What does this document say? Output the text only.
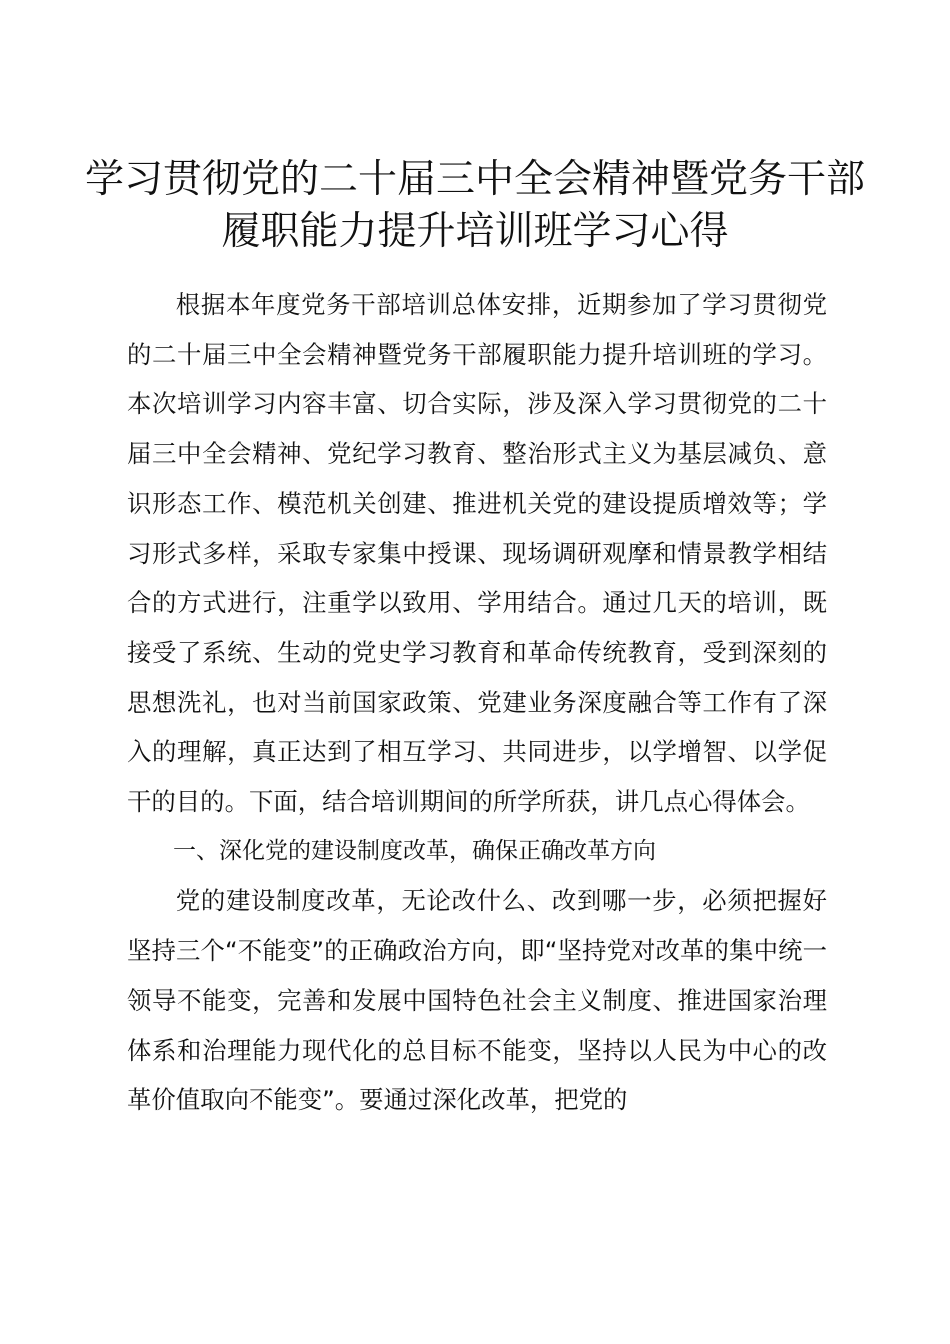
学习贯彻党的二十届三中全会精神暨党务干部
履职能力提升培训班学习心得

根据本年度党务干部培训总体安排，近期参加了学习贯彻党的二十届三中全会精神暨党务干部履职能力提升培训班的学习。本次培训学习内容丰富、切合实际，涉及深入学习贯彻党的二十届三中全会精神、党纪学习教育、整治形式主义为基层减负、意识形态工作、模范机关创建、推进机关党的建设提质增效等；学习形式多样，采取专家集中授课、现场调研观摩和情景教学相结合的方式进行，注重学以致用、学用结合。通过几天的培训，既接受了系统、生动的党史学习教育和革命传统教育，受到深刻的思想洗礼，也对当前国家政策、党建业务深度融合等工作有了深入的理解，真正达到了相互学习、共同进步，以学增智、以学促干的目的。下面，结合培训期间的所学所获，讲几点心得体会。

一、深化党的建设制度改革，确保正确改革方向

党的建设制度改革，无论改什么、改到哪一步，必须把握好坚持三个“不能变”的正确政治方向，即“坚持党对改革的集中统一领导不能变，完善和发展中国特色社会主义制度、推进国家治理体系和治理能力现代化的总目标不能变，坚持以人民为中心的改革价值取向不能变”。要通过深化改革，把党的
